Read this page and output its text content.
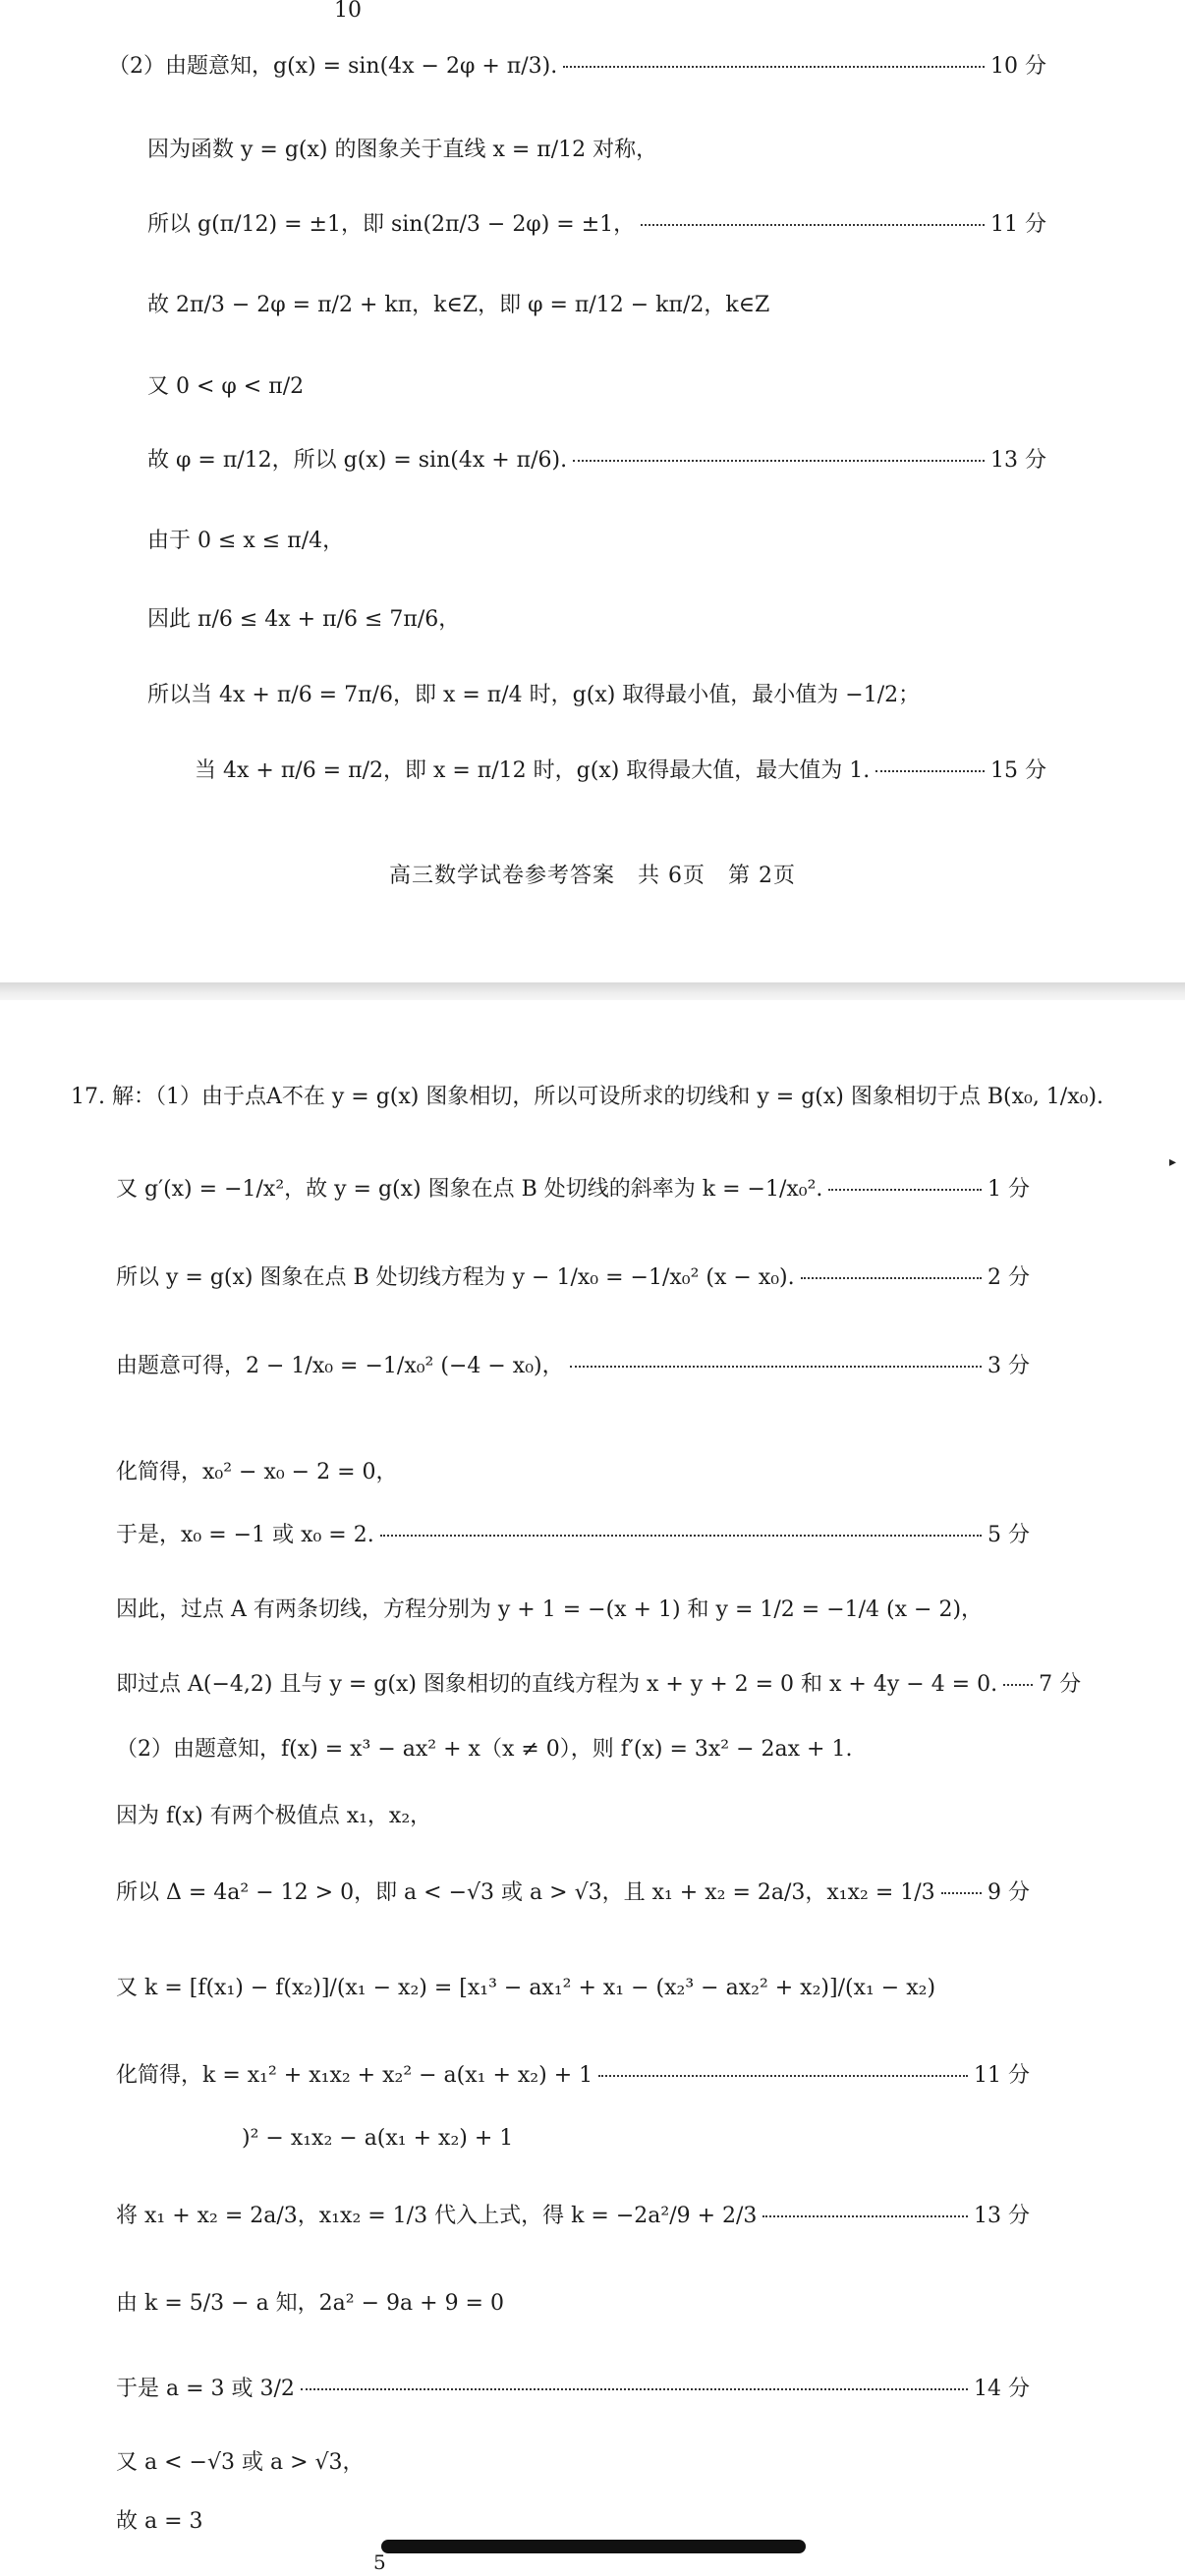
10
（2）由题意知，g(x) = sin(4x − 2φ + π/3).	10 分
因为函数 y = g(x) 的图象关于直线 x = π/12 对称，
所以 g(π/12) = ±1，即 sin(2π/3 − 2φ) = ±1，	11 分
故 2π/3 − 2φ = π/2 + kπ，k∈Z，即 φ = π/12 − kπ/2，k∈Z
又 0 < φ < π/2
故 φ = π/12，所以 g(x) = sin(4x + π/6).	13 分
由于 0 ≤ x ≤ π/4，
因此 π/6 ≤ 4x + π/6 ≤ 7π/6，
所以当 4x + π/6 = 7π/6，即 x = π/4 时，g(x) 取得最小值，最小值为 −1/2；
当 4x + π/6 = π/2，即 x = π/12 时，g(x) 取得最大值，最大值为 1.	15 分
高三数学试卷参考答案　共 6页　第 2页
17. 解：（1）由于点A不在 y = g(x) 图象相切，所以可设所求的切线和 y = g(x) 图象相切于点 B(x₀, 1/x₀).
又 g′(x) = −1/x²，故 y = g(x) 图象在点 B 处切线的斜率为 k = −1/x₀².	1 分
所以 y = g(x) 图象在点 B 处切线方程为 y − 1/x₀ = −1/x₀² (x − x₀).	2 分
由题意可得，2 − 1/x₀ = −1/x₀² (−4 − x₀)，	3 分
化简得，x₀² − x₀ − 2 = 0，
于是，x₀ = −1 或 x₀ = 2.	5 分
因此，过点 A 有两条切线，方程分别为 y + 1 = −(x + 1) 和 y = 1/2 = −1/4 (x − 2)，
即过点 A(−4,2) 且与 y = g(x) 图象相切的直线方程为 x + y + 2 = 0 和 x + 4y − 4 = 0. 7 分
（2）由题意知，f(x) = x³ − ax² + x（x ≠ 0），则 f′(x) = 3x² − 2ax + 1.
因为 f(x) 有两个极值点 x₁，x₂，
所以 Δ = 4a² − 12 > 0，即 a < −√3 或 a > √3，且 x₁ + x₂ = 2a/3，x₁x₂ = 1/3 9 分
又 k = [f(x₁) − f(x₂)]/(x₁ − x₂) = [x₁³ − ax₁² + x₁ − (x₂³ − ax₂² + x₂)]/(x₁ − x₂)
化简得，k = x₁² + x₁x₂ + x₂² − a(x₁ + x₂) + 1	11 分
)² − x₁x₂ − a(x₁ + x₂) + 1
将 x₁ + x₂ = 2a/3，x₁x₂ = 1/3 代入上式，得 k = −2a²/9 + 2/3	13 分
由 k = 5/3 − a 知，2a² − 9a + 9 = 0
于是 a = 3 或 3/2	14 分
又 a < −√3 或 a > √3，
故 a = 3
▸
5
